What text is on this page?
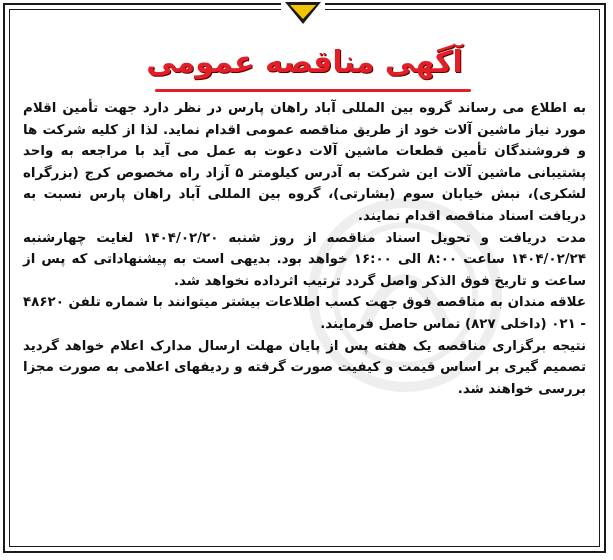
آگهی مناقصه عمومی

به اطلاع می رساند گروه بین المللی آباد راهان پارس در نظر دارد جهت تأمین اقلام مورد نیاز ماشین آلات خود از طریق مناقصه عمومی اقدام نماید. لذا از کلیه شرکت ها و فروشندگان تأمین قطعات ماشین آلات دعوت به عمل می آید با مراجعه به واحد پشتیبانی ماشین آلات این شرکت به آدرس کیلومتر ۵ آزاد راه مخصوص کرج (بزرگراه لشکری)، نبش خیابان سوم (بشارتی)، گروه بین المللی آباد راهان پارس نسبت به دریافت اسناد مناقصه اقدام نمایند.

مدت دریافت و تحویل اسناد مناقصه از روز شنبه ۱۴۰۴/۰۲/۲۰ لغایت چهارشنبه ۱۴۰۴/۰۲/۲۴ ساعت ۸:۰۰ الی ۱۶:۰۰ خواهد بود. بدیهی است به پیشنهاداتی که پس از ساعت و تاریخ فوق الذکر واصل گردد ترتیب اثرداده نخواهد شد.

علاقه مندان به مناقصه فوق جهت کسب اطلاعات بیشتر میتوانند با شماره تلفن ۴۸۶۲۰ - ۰۲۱ (داخلی ۸۲۷) تماس حاصل فرمایند.

نتیجه برگزاری مناقصه یک هفته پس از پایان مهلت ارسال مدارک اعلام خواهد گردید تصمیم گیری بر اساس قیمت و کیفیت صورت گرفته و ردیفهای اعلامی به صورت مجزا بررسی خواهند شد.
